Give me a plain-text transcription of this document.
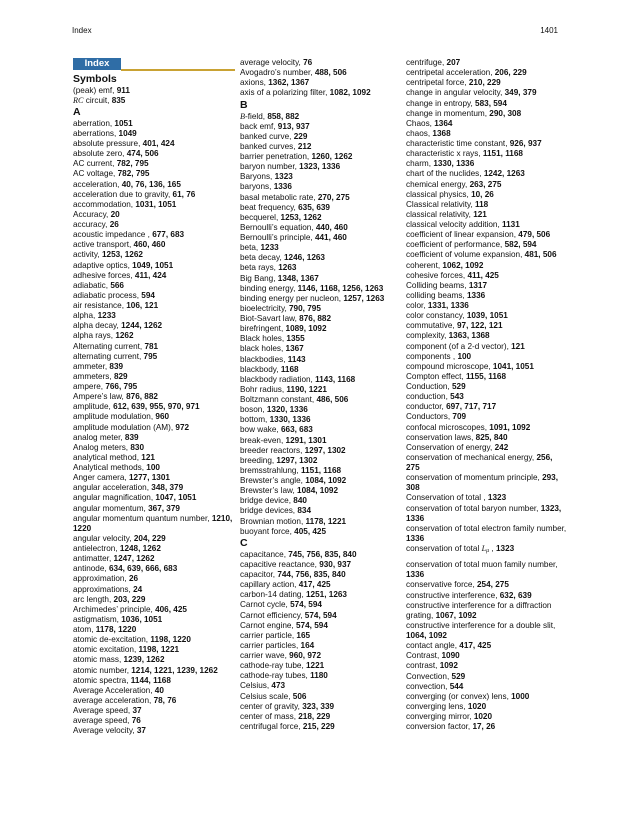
Index	1401
Index
Symbols
(peak) emf, 911
RC circuit, 835
A
aberration, 1051
aberrations, 1049
absolute pressure, 401, 424
absolute zero, 474, 506
AC current, 782, 795
AC voltage, 782, 795
acceleration, 40, 76, 136, 165
acceleration due to gravity, 61, 76
accommodation, 1031, 1051
Accuracy, 20
accuracy, 26
acoustic impedance , 677, 683
active transport, 460, 460
activity, 1253, 1262
adaptive optics, 1049, 1051
adhesive forces, 411, 424
adiabatic, 566
adiabatic process, 594
air resistance, 106, 121
alpha, 1233
alpha decay, 1244, 1262
alpha rays, 1262
Alternating current, 781
alternating current, 795
ammeter, 839
ammeters, 829
ampere, 766, 795
Ampere’s law, 876, 882
amplitude, 612, 639, 955, 970, 971
amplitude modulation, 960
amplitude modulation (AM), 972
analog meter, 839
Analog meters, 830
analytical method, 121
Analytical methods, 100
Anger camera, 1277, 1301
angular acceleration, 348, 379
angular magnification, 1047, 1051
angular momentum, 367, 379
angular momentum quantum number, 1210, 1220
angular velocity, 204, 229
antielectron, 1248, 1262
antimatter, 1247, 1262
antinode, 634, 639, 666, 683
approximation, 26
approximations, 24
arc length, 203, 229
Archimedes’ principle, 406, 425
astigmatism, 1036, 1051
atom, 1178, 1220
atomic de-excitation, 1198, 1220
atomic excitation, 1198, 1221
atomic mass, 1239, 1262
atomic number, 1214, 1221, 1239, 1262
atomic spectra, 1144, 1168
Average Acceleration, 40
average acceleration, 78, 76
Average speed, 37
average speed, 76
Average velocity, 37
average velocity, 76
Avogadro’s number, 488, 506
axions, 1362, 1367
axis of a polarizing filter, 1082, 1092
B
B-field, 858, 882
back emf, 913, 937
banked curve, 229
banked curves, 212
barrier penetration, 1260, 1262
baryon number, 1323, 1336
Baryons, 1323
baryons, 1336
basal metabolic rate, 270, 275
beat frequency, 635, 639
becquerel, 1253, 1262
Bernoulli’s equation, 440, 460
Bernoulli’s principle, 441, 460
beta, 1233
beta decay, 1246, 1263
beta rays, 1263
Big Bang, 1348, 1367
binding energy, 1146, 1168, 1256, 1263
binding energy per nucleon, 1257, 1263
bioelectricity, 790, 795
Biot-Savart law, 876, 882
birefringent, 1089, 1092
Black holes, 1355
black holes, 1367
blackbodies, 1143
blackbody, 1168
blackbody radiation, 1143, 1168
Bohr radius, 1190, 1221
Boltzmann constant, 486, 506
boson, 1320, 1336
bottom, 1330, 1336
bow wake, 663, 683
break-even, 1291, 1301
breeder reactors, 1297, 1302
breeding, 1297, 1302
bremsstrahlung, 1151, 1168
Brewster’s angle, 1084, 1092
Brewster’s law, 1084, 1092
bridge device, 840
bridge devices, 834
Brownian motion, 1178, 1221
buoyant force, 405, 425
C
capacitance, 745, 756, 835, 840
capacitive reactance, 930, 937
capacitor, 744, 756, 835, 840
capillary action, 417, 425
carbon-14 dating, 1251, 1263
Carnot cycle, 574, 594
Carnot efficiency, 574, 594
Carnot engine, 574, 594
carrier particle, 165
carrier particles, 164
carrier wave, 960, 972
cathode-ray tube, 1221
cathode-ray tubes, 1180
Celsius, 473
Celsius scale, 506
center of gravity, 323, 339
center of mass, 218, 229
centrifugal force, 215, 229
centrifuge, 207
centripetal acceleration, 206, 229
centripetal force, 210, 229
change in angular velocity, 349, 379
change in entropy, 583, 594
change in momentum, 290, 308
Chaos, 1364
chaos, 1368
characteristic time constant, 926, 937
characteristic x rays, 1151, 1168
charm, 1330, 1336
chart of the nuclides, 1242, 1263
chemical energy, 263, 275
classical physics, 10, 26
Classical relativity, 118
classical relativity, 121
classical velocity addition, 1131
coefficient of linear expansion, 479, 506
coefficient of performance, 582, 594
coefficient of volume expansion, 481, 506
coherent, 1062, 1092
cohesive forces, 411, 425
Colliding beams, 1317
colliding beams, 1336
color, 1331, 1336
color constancy, 1039, 1051
commutative, 97, 122, 121
complexity, 1363, 1368
component (of a 2-d vector), 121
components , 100
compound microscope, 1041, 1051
Compton effect, 1155, 1168
Conduction, 529
conduction, 543
conductor, 697, 717, 717
Conductors, 709
confocal microscopes, 1091, 1092
conservation laws, 825, 840
Conservation of energy, 242
conservation of mechanical energy, 256, 275
conservation of momentum principle, 293, 308
Conservation of total , 1323
conservation of total baryon number, 1323, 1336
conservation of total electron family number, 1336
conservation of total Lμ , 1323
conservation of total muon family number, 1336
conservative force, 254, 275
constructive interference, 632, 639
constructive interference for a diffraction grating, 1067, 1092
constructive interference for a double slit, 1064, 1092
contact angle, 417, 425
Contrast, 1090
contrast, 1092
Convection, 529
convection, 544
converging (or convex) lens, 1000
converging lens, 1020
converging mirror, 1020
conversion factor, 17, 26
